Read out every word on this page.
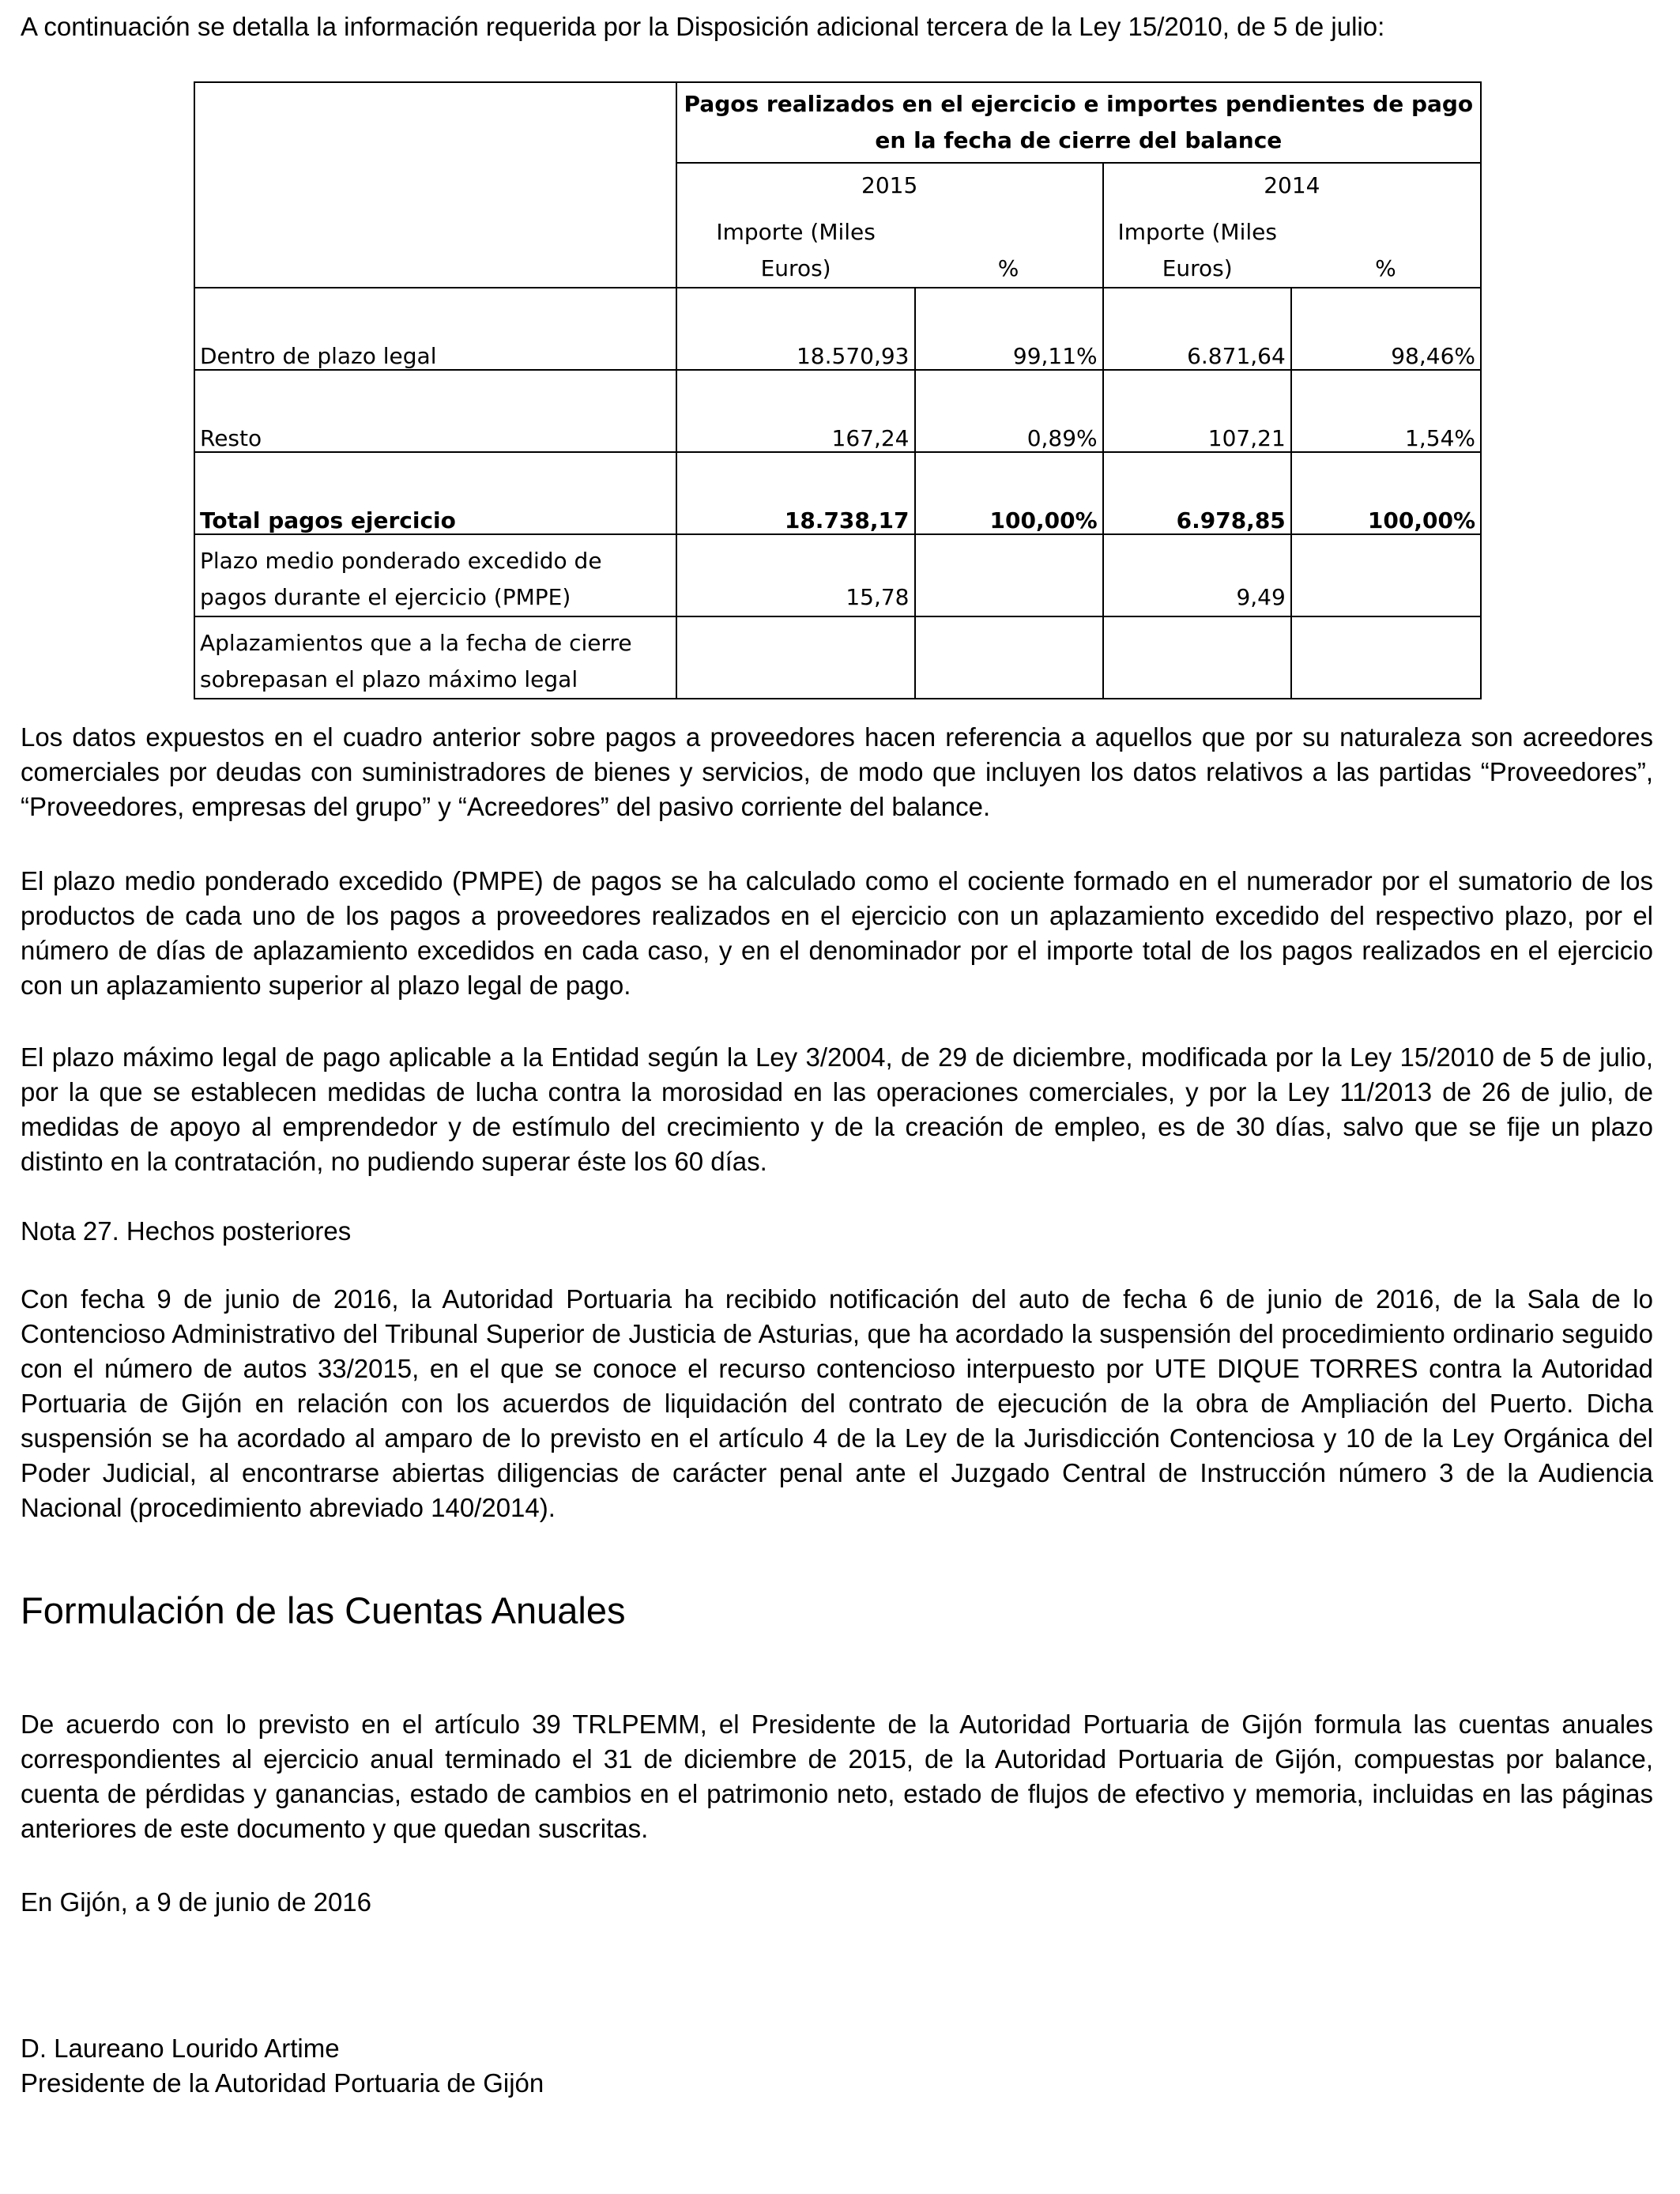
A continuación se detalla la información requerida por la Disposición adicional tercera de la Ley 15/2010, de 5 de julio:

	Pagos realizados en el ejercicio e importes pendientes de pago en la fecha de cierre del balance			
	2015		2014	
	Importe (Miles Euros)	%	Importe (Miles Euros)	%
Dentro de plazo legal	18.570,93	99,11%	6.871,64	98,46%
Resto	167,24	0,89%	107,21	1,54%
Total pagos ejercicio	18.738,17	100,00%	6.978,85	100,00%
Plazo medio ponderado excedido de pagos durante el ejercicio (PMPE)	15,78		9,49	
Aplazamientos que a la fecha de cierre sobrepasan el plazo máximo legal				

Los datos expuestos en el cuadro anterior sobre pagos a proveedores hacen referencia a aquellos que por su naturaleza son acreedores comerciales por deudas con suministradores de bienes y servicios, de modo que incluyen los datos relativos a las partidas “Proveedores”, “Proveedores, empresas del grupo” y “Acreedores” del pasivo corriente del balance.

El plazo medio ponderado excedido (PMPE) de pagos se ha calculado como el cociente formado en el numerador por el sumatorio de los productos de cada uno de los pagos a proveedores realizados en el ejercicio con un aplazamiento excedido del respectivo plazo, por el número de días de aplazamiento excedidos en cada caso, y en el denominador por el importe total de los pagos realizados en el ejercicio con un aplazamiento superior al plazo legal de pago.

El plazo máximo legal de pago aplicable a la Entidad según la Ley 3/2004, de 29 de diciembre, modificada por la Ley 15/2010 de 5 de julio, por la que se establecen medidas de lucha contra la morosidad en las operaciones comerciales, y por la Ley 11/2013 de 26 de julio, de medidas de apoyo al emprendedor y de estímulo del crecimiento y de la creación de empleo, es de 30 días, salvo que se fije un plazo distinto en la contratación, no pudiendo superar éste los 60 días.

Nota 27. Hechos posteriores

Con fecha 9 de junio de 2016, la Autoridad Portuaria ha recibido notificación del auto de fecha 6 de junio de 2016, de la Sala de lo Contencioso Administrativo del Tribunal Superior de Justicia de Asturias, que ha acordado la suspensión del procedimiento ordinario seguido con el número de autos 33/2015, en el que se conoce el recurso contencioso interpuesto por UTE DIQUE TORRES contra la Autoridad Portuaria de Gijón en relación con los acuerdos de liquidación del contrato de ejecución de la obra de Ampliación del Puerto. Dicha suspensión se ha acordado al amparo de lo previsto en el artículo 4 de la Ley de la Jurisdicción Contenciosa y 10 de la Ley Orgánica del Poder Judicial, al encontrarse abiertas diligencias de carácter penal ante el Juzgado Central de Instrucción número 3 de la Audiencia Nacional (procedimiento abreviado 140/2014).

Formulación de las Cuentas Anuales

De acuerdo con lo previsto en el artículo 39 TRLPEMM, el Presidente de la Autoridad Portuaria de Gijón formula las cuentas anuales correspondientes al ejercicio anual terminado el 31 de diciembre de 2015, de la Autoridad Portuaria de Gijón, compuestas por balance, cuenta de pérdidas y ganancias, estado de cambios en el patrimonio neto, estado de flujos de efectivo y memoria, incluidas en las páginas anteriores de este documento y que quedan suscritas.

En Gijón, a 9 de junio de 2016

D. Laureano Lourido Artime

Presidente de la Autoridad Portuaria de Gijón
